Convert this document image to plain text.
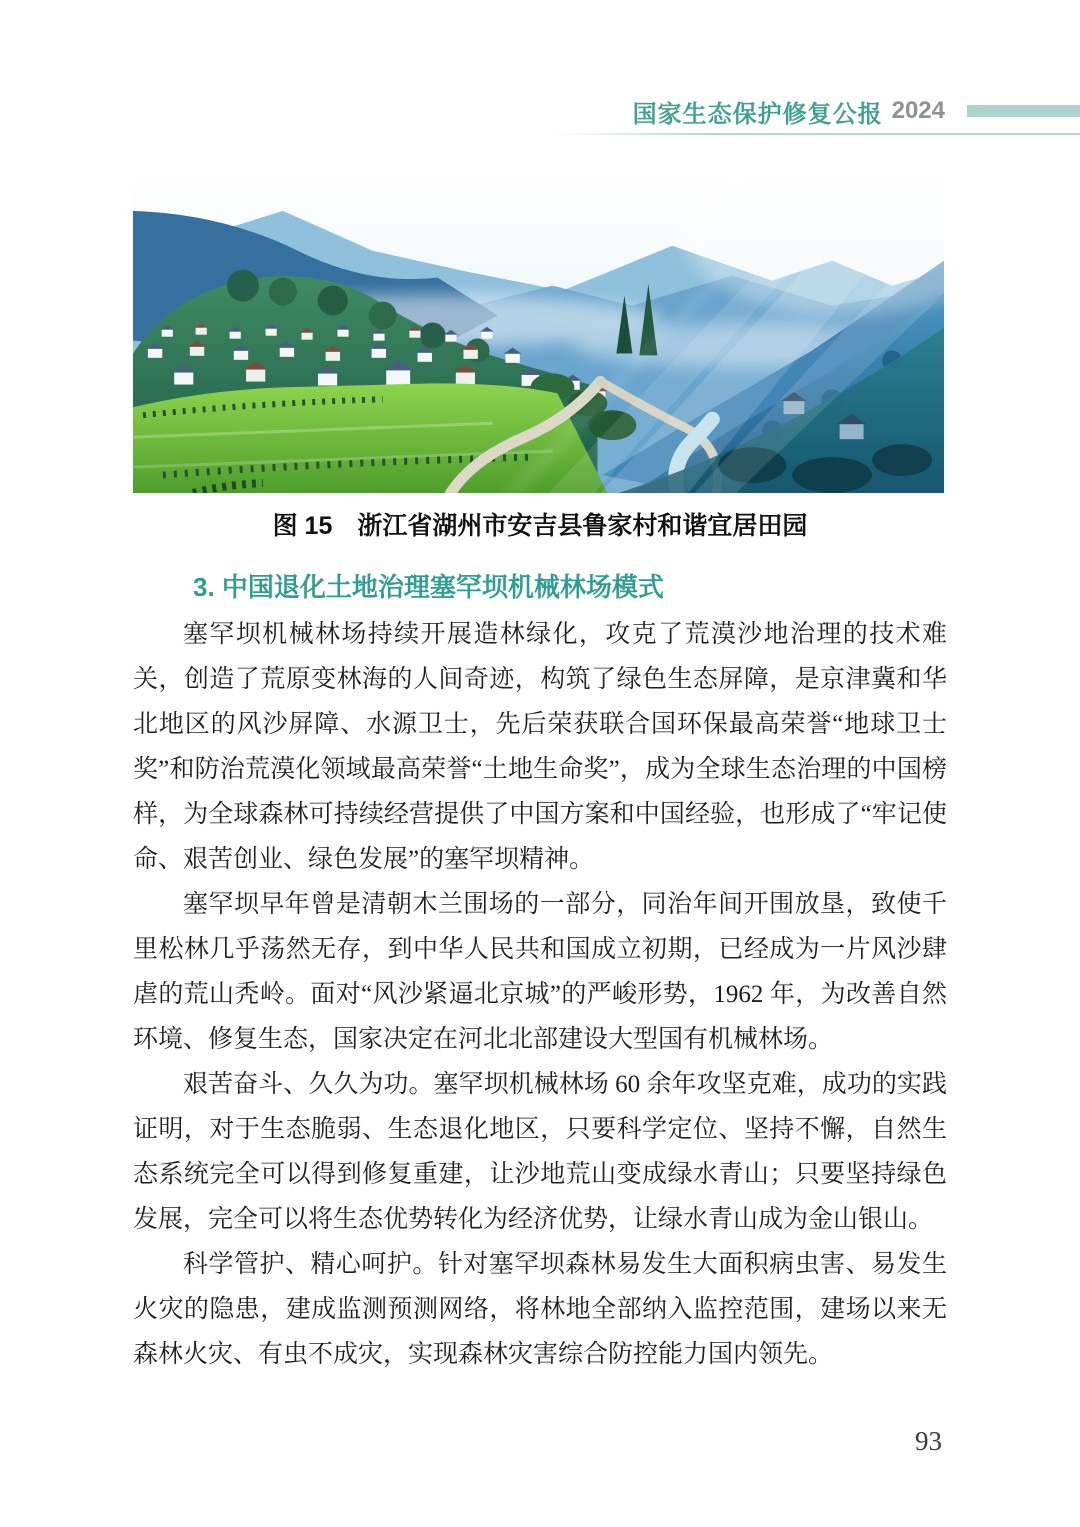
国家生态保护修复公报 2024
图 15　浙江省湖州市安吉县鲁家村和谐宜居田园
3. 中国退化土地治理塞罕坝机械林场模式

塞罕坝机械林场持续开展造林绿化，攻克了荒漠沙地治理的技术难关，创造了荒原变林海的人间奇迹，构筑了绿色生态屏障，是京津冀和华北地区的风沙屏障、水源卫士，先后荣获联合国环保最高荣誉“地球卫士奖”和防治荒漠化领域最高荣誉“土地生命奖”，成为全球生态治理的中国榜样，为全球森林可持续经营提供了中国方案和中国经验，也形成了“牢记使命、艰苦创业、绿色发展”的塞罕坝精神。

塞罕坝早年曾是清朝木兰围场的一部分，同治年间开围放垦，致使千里松林几乎荡然无存，到中华人民共和国成立初期，已经成为一片风沙肆虐的荒山秃岭。面对“风沙紧逼北京城”的严峻形势，1962 年，为改善自然环境、修复生态，国家决定在河北北部建设大型国有机械林场。

艰苦奋斗、久久为功。塞罕坝机械林场 60 余年攻坚克难，成功的实践证明，对于生态脆弱、生态退化地区，只要科学定位、坚持不懈，自然生态系统完全可以得到修复重建，让沙地荒山变成绿水青山；只要坚持绿色发展，完全可以将生态优势转化为经济优势，让绿水青山成为金山银山。

科学管护、精心呵护。针对塞罕坝森林易发生大面积病虫害、易发生火灾的隐患，建成监测预测网络，将林地全部纳入监控范围，建场以来无森林火灾、有虫不成灾，实现森林灾害综合防控能力国内领先。

93
